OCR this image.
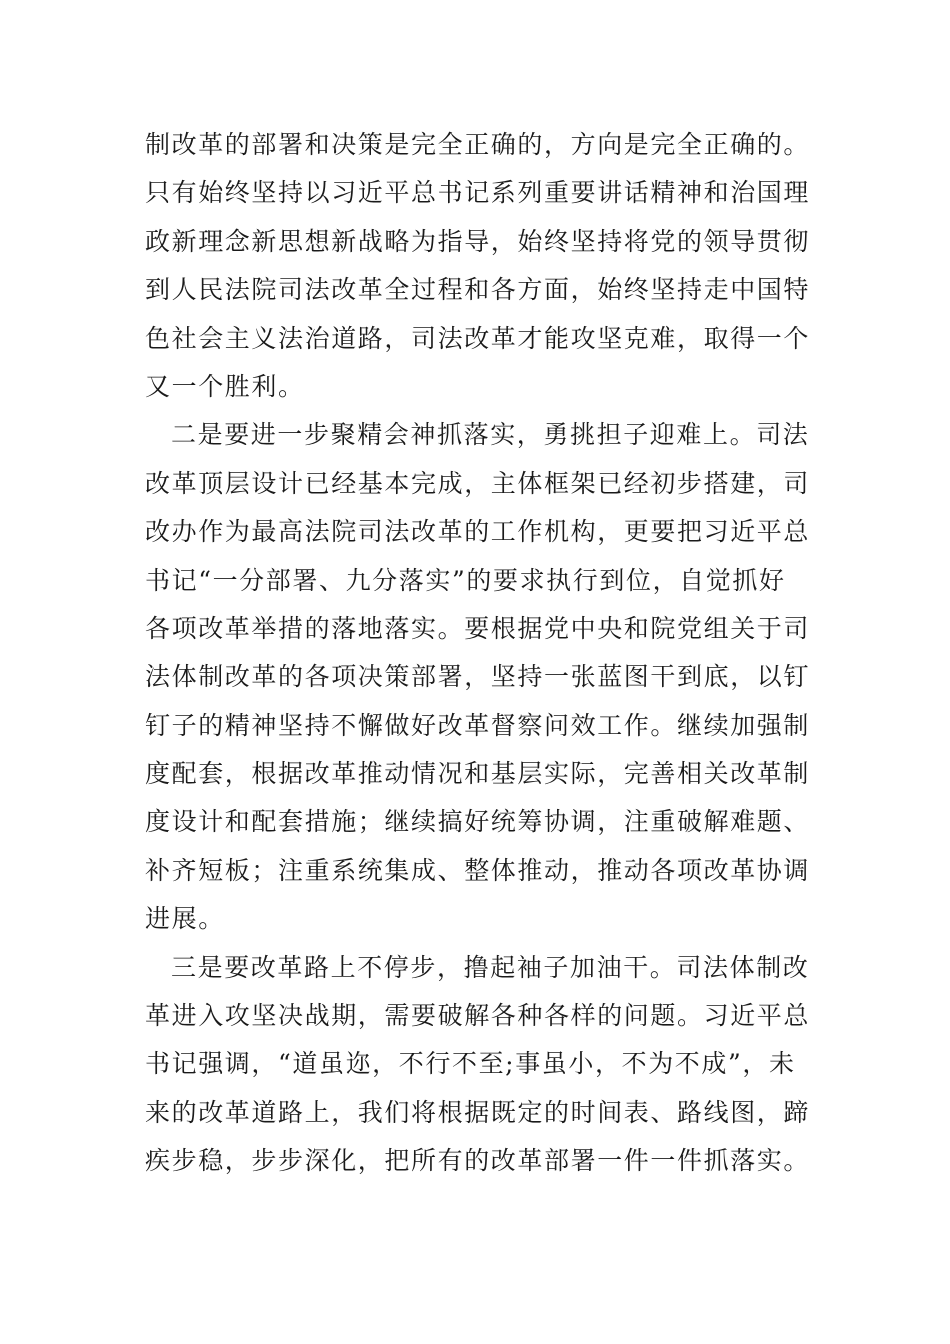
制改革的部署和决策是完全正确的，方向是完全正确的。
只有始终坚持以习近平总书记系列重要讲话精神和治国理
政新理念新思想新战略为指导，始终坚持将党的领导贯彻
到人民法院司法改革全过程和各方面，始终坚持走中国特
色社会主义法治道路，司法改革才能攻坚克难，取得一个
又一个胜利。
二是要进一步聚精会神抓落实，勇挑担子迎难上。司法
改革顶层设计已经基本完成，主体框架已经初步搭建，司
改办作为最高法院司法改革的工作机构，更要把习近平总
书记“一分部署、九分落实”的要求执行到位，自觉抓好
各项改革举措的落地落实。要根据党中央和院党组关于司
法体制改革的各项决策部署，坚持一张蓝图干到底，以钉
钉子的精神坚持不懈做好改革督察问效工作。继续加强制
度配套，根据改革推动情况和基层实际，完善相关改革制
度设计和配套措施；继续搞好统筹协调，注重破解难题、
补齐短板；注重系统集成、整体推动，推动各项改革协调
进展。
三是要改革路上不停步，撸起袖子加油干。司法体制改
革进入攻坚决战期，需要破解各种各样的问题。习近平总
书记强调，“道虽迩，不行不至;事虽小，不为不成”，未
来的改革道路上，我们将根据既定的时间表、路线图，蹄
疾步稳，步步深化，把所有的改革部署一件一件抓落实。
